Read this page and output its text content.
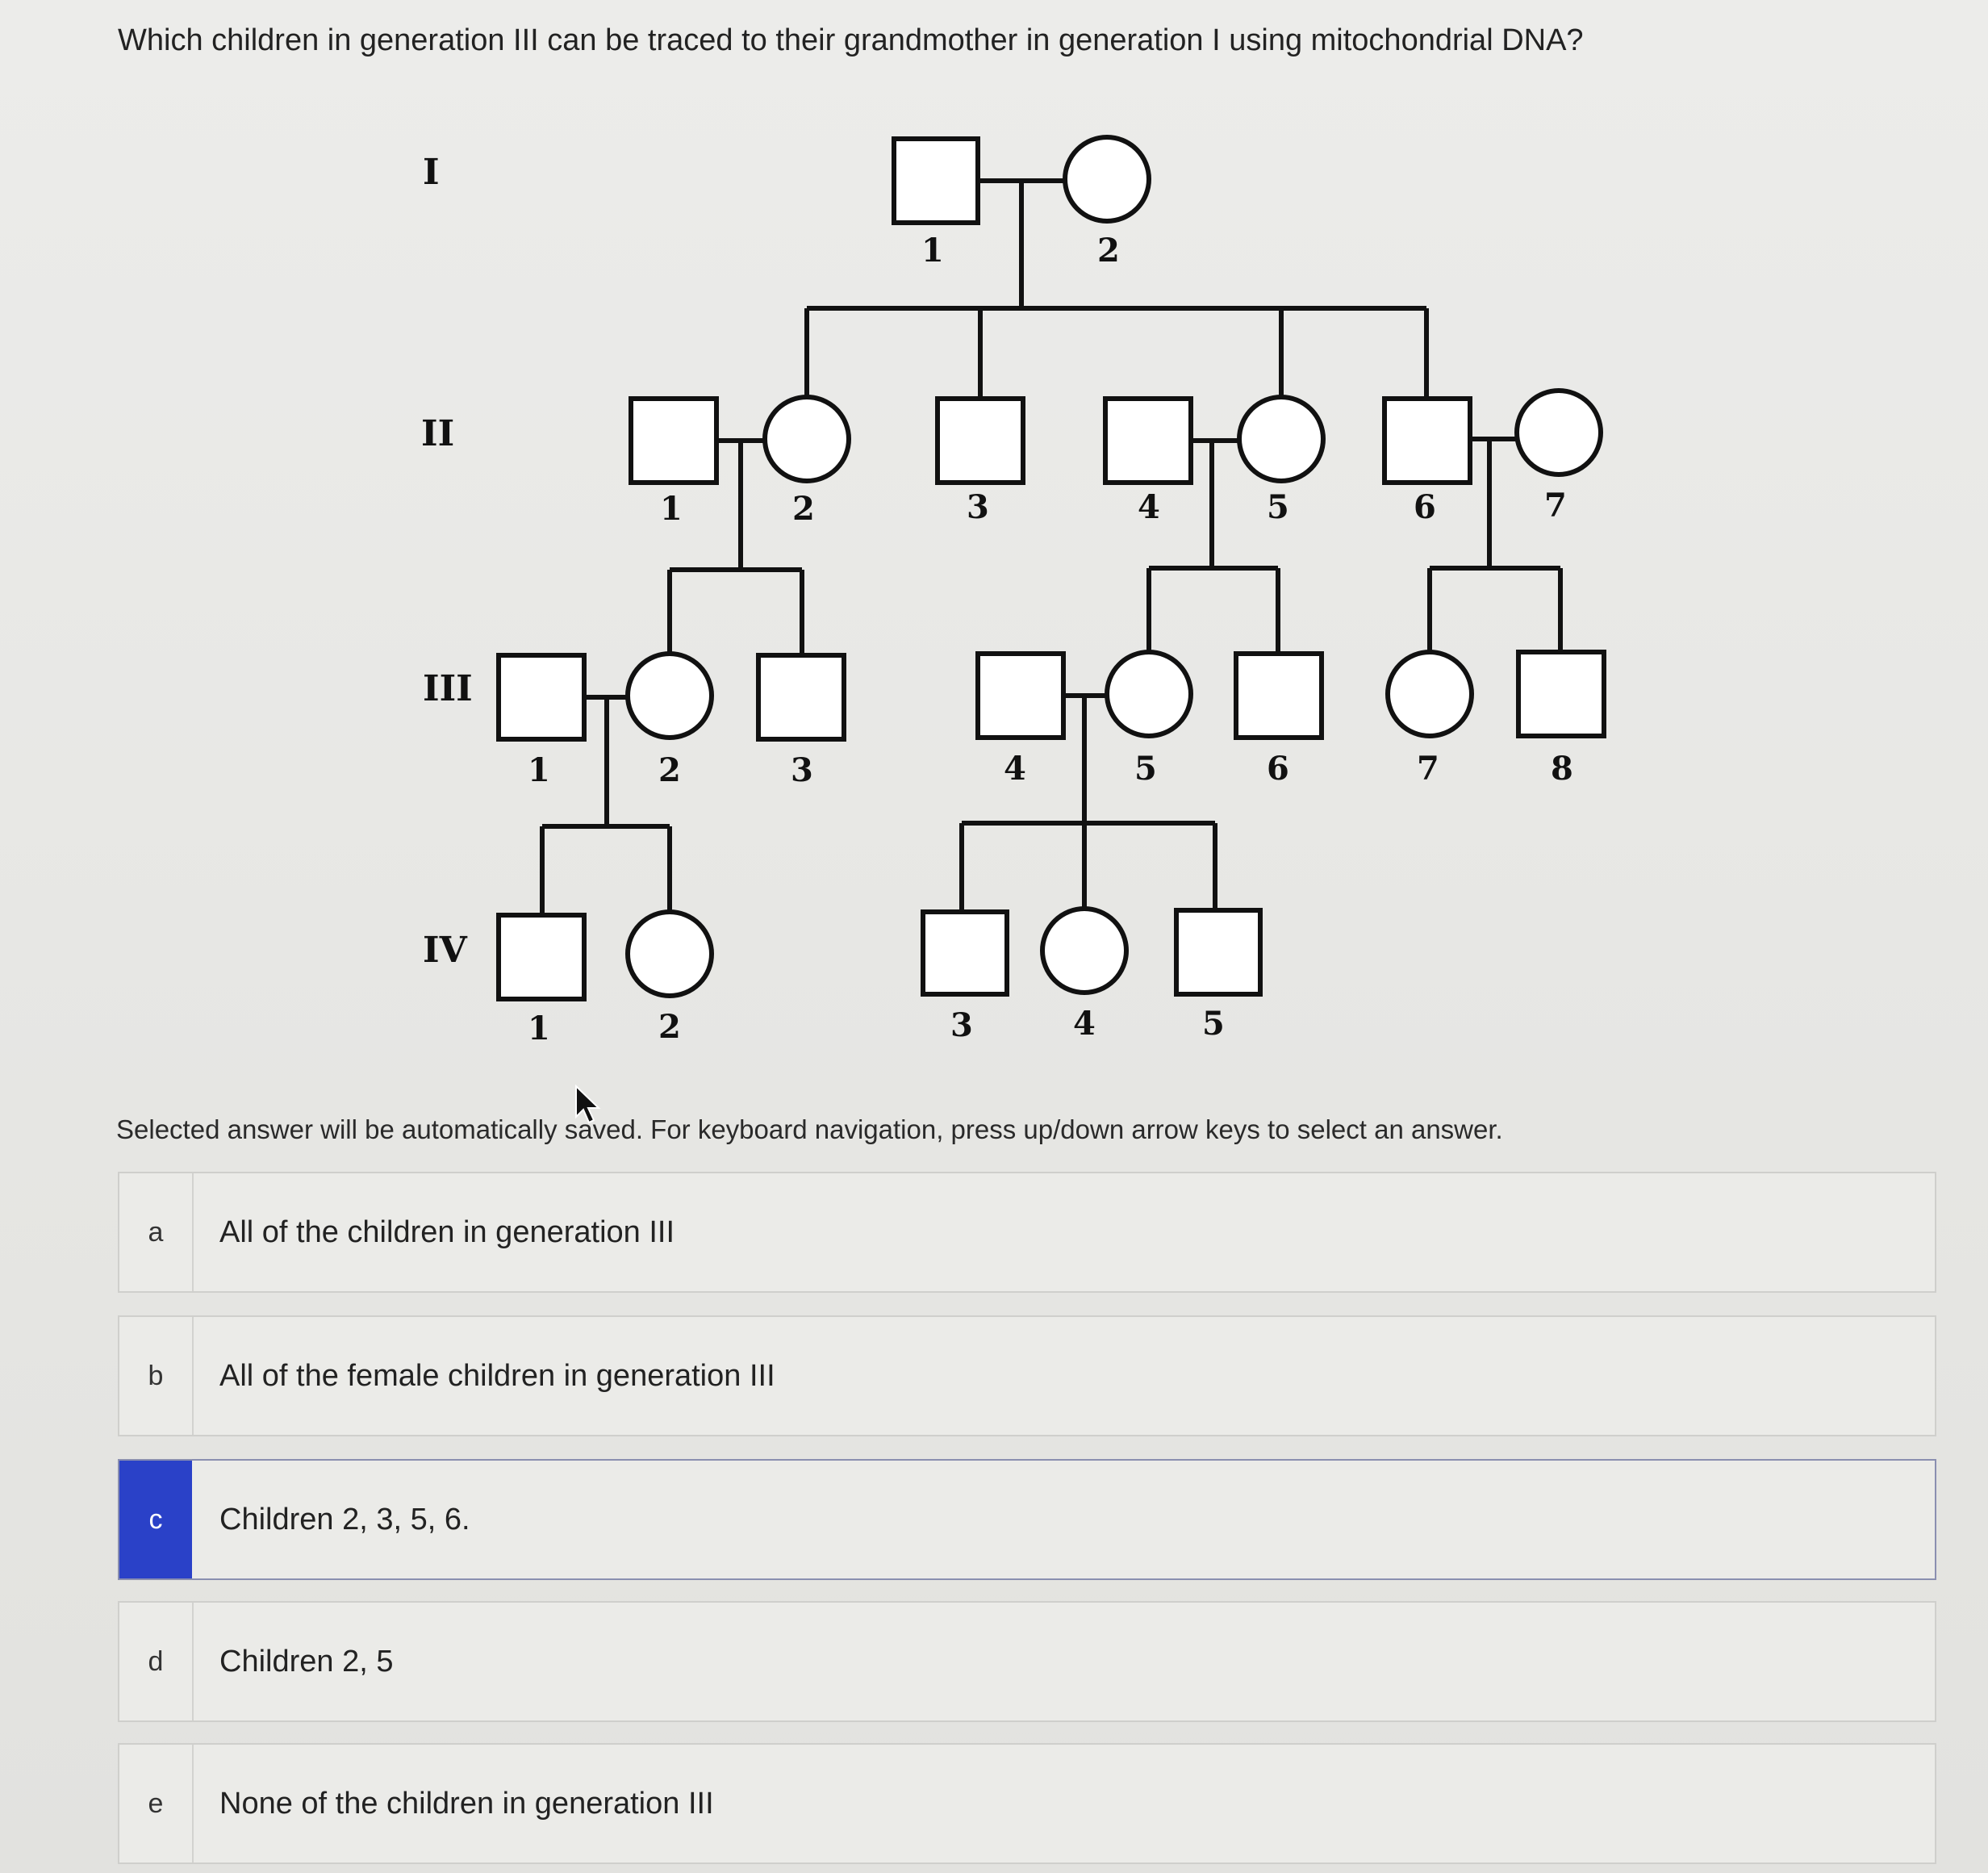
Which children in generation III can be traced to their grandmother in generation I using mitochondrial DNA?
I
II
III
IV
1	2
1	2	3	4	5	6	7
1	2	3	4	5	6	7	8
1	2	3	4	5
Selected answer will be automatically saved. For keyboard navigation, press up/down arrow keys to select an answer.
a	All of the children in generation III
b	All of the female children in generation III
c	Children 2, 3, 5, 6.
d	Children 2, 5
e	None of the children in generation III
